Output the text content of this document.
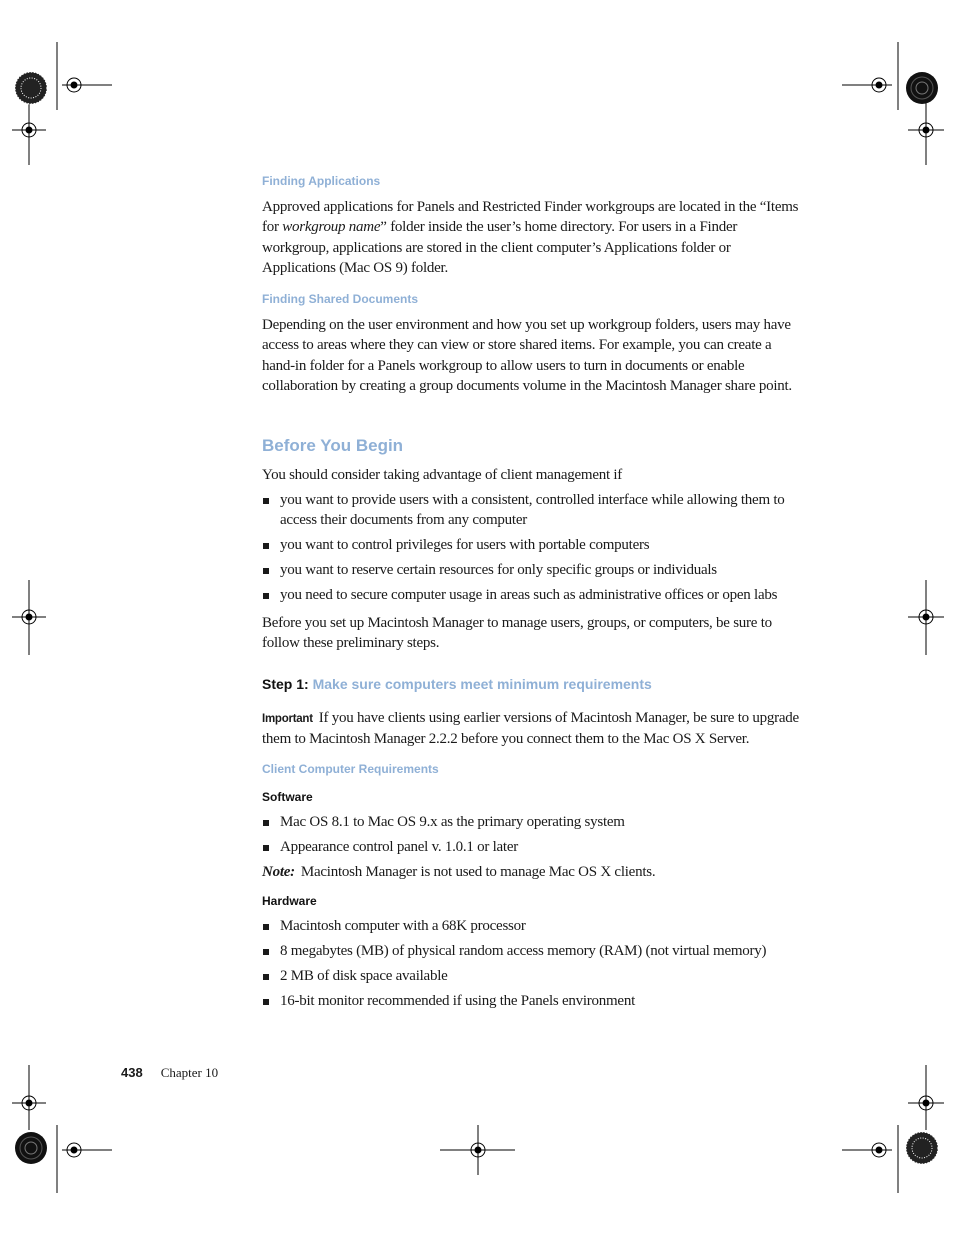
Finding Applications
Approved applications for Panels and Restricted Finder workgroups are located in the “Items for workgroup name” folder inside the user’s home directory. For users in a Finder workgroup, applications are stored in the client computer’s Applications folder or Applications (Mac OS 9) folder.
Finding Shared Documents
Depending on the user environment and how you set up workgroup folders, users may have access to areas where they can view or store shared items. For example, you can create a hand-in folder for a Panels workgroup to allow users to turn in documents or enable collaboration by creating a group documents volume in the Macintosh Manager share point.
Before You Begin
You should consider taking advantage of client management if
you want to provide users with a consistent, controlled interface while allowing them to access their documents from any computer
you want to control privileges for users with portable computers
you want to reserve certain resources for only specific groups or individuals
you need to secure computer usage in areas such as administrative offices or open labs
Before you set up Macintosh Manager to manage users, groups, or computers, be sure to follow these preliminary steps.
Step 1: Make sure computers meet minimum requirements
Important If you have clients using earlier versions of Macintosh Manager, be sure to upgrade them to Macintosh Manager 2.2.2 before you connect them to the Mac OS X Server.
Client Computer Requirements
Software
Mac OS 8.1 to Mac OS 9.x as the primary operating system
Appearance control panel v. 1.0.1 or later
Note: Macintosh Manager is not used to manage Mac OS X clients.
Hardware
Macintosh computer with a 68K processor
8 megabytes (MB) of physical random access memory (RAM) (not virtual memory)
2 MB of disk space available
16-bit monitor recommended if using the Panels environment
438 Chapter 10
